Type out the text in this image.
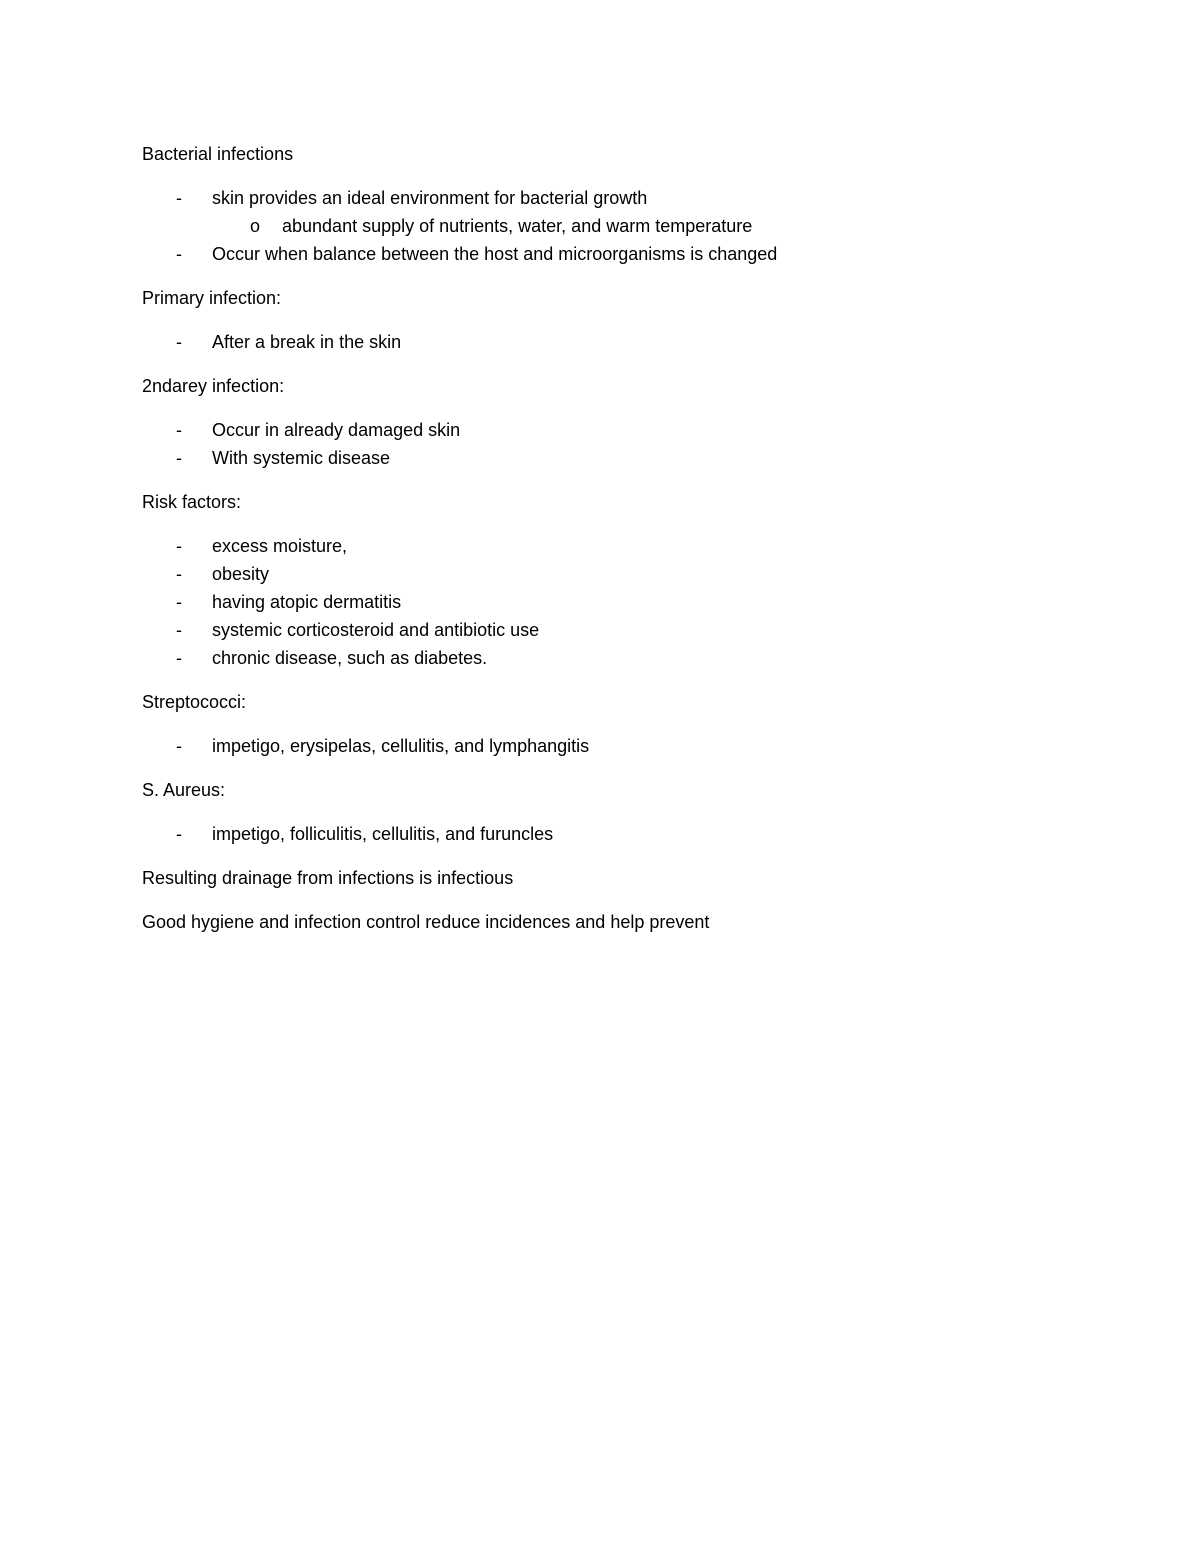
Bacterial infections
- skin provides an ideal environment for bacterial growth
o abundant supply of nutrients, water, and warm temperature
- Occur when balance between the host and microorganisms is changed
Primary infection:
- After a break in the skin
2ndarey infection:
- Occur in already damaged skin
- With systemic disease
Risk factors:
- excess moisture,
- obesity
- having atopic dermatitis
- systemic corticosteroid and antibiotic use
- chronic disease, such as diabetes.
Streptococci:
- impetigo, erysipelas, cellulitis, and lymphangitis
S. Aureus:
- impetigo, folliculitis, cellulitis, and furuncles
Resulting drainage from infections is infectious
Good hygiene and infection control reduce incidences and help prevent
